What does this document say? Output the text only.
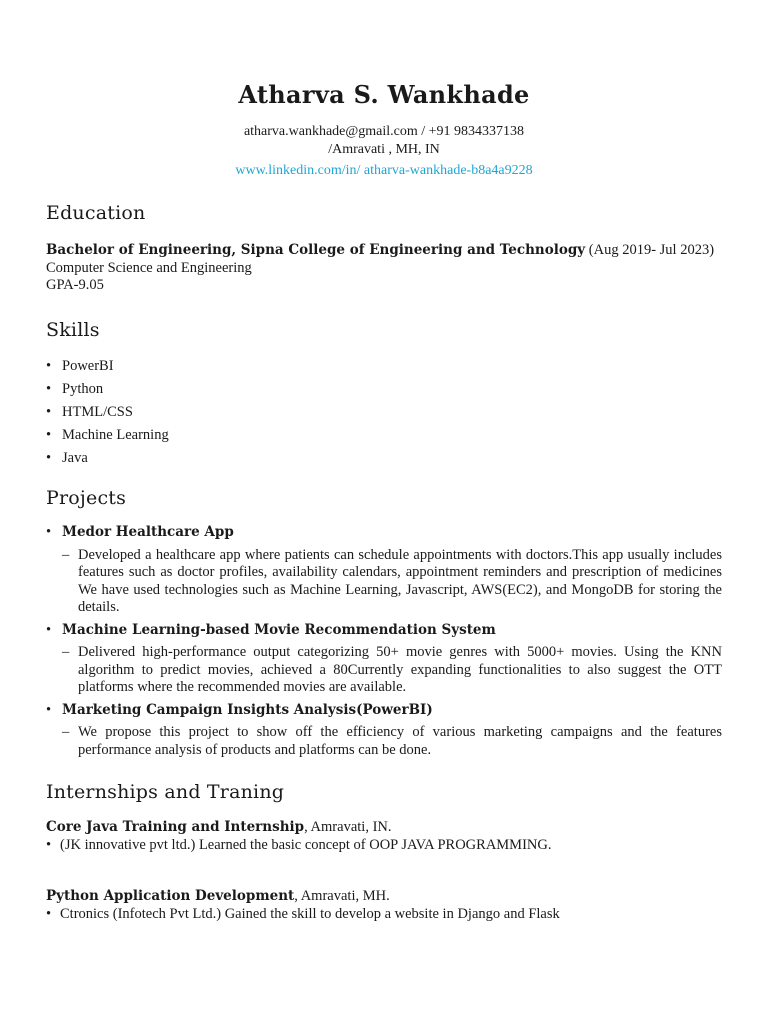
Atharva S. Wankhade
atharva.wankhade@gmail.com / +91 9834337138
/Amravati , MH, IN
www.linkedin.com/in/ atharva-wankhade-b8a4a9228
Education
Bachelor of Engineering, Sipna College of Engineering and Technology (Aug 2019- Jul 2023)
Computer Science and Engineering
GPA-9.05
Skills
• PowerBI
• Python
• HTML/CSS
• Machine Learning
• Java
Projects
• Medor Healthcare App
– Developed a healthcare app where patients can schedule appointments with doctors.This app usually includes features such as doctor profiles, availability calendars, appointment reminders and prescription of medicines We have used technologies such as Machine Learning, Javascript, AWS(EC2), and MongoDB for storing the details.
• Machine Learning-based Movie Recommendation System
– Delivered high-performance output categorizing 50+ movie genres with 5000+ movies. Using the KNN algorithm to predict movies, achieved a 80Currently expanding functionalities to also suggest the OTT platforms where the recommended movies are available.
• Marketing Campaign Insights Analysis(PowerBI)
– We propose this project to show off the efficiency of various marketing campaigns and the features performance analysis of products and platforms can be done.
Internships and Traning
Core Java Training and Internship, Amravati, IN.
• (JK innovative pvt ltd.) Learned the basic concept of OOP JAVA PROGRAMMING.
Python Application Development, Amravati, MH.
• Ctronics (Infotech Pvt Ltd.) Gained the skill to develop a website in Django and Flask
